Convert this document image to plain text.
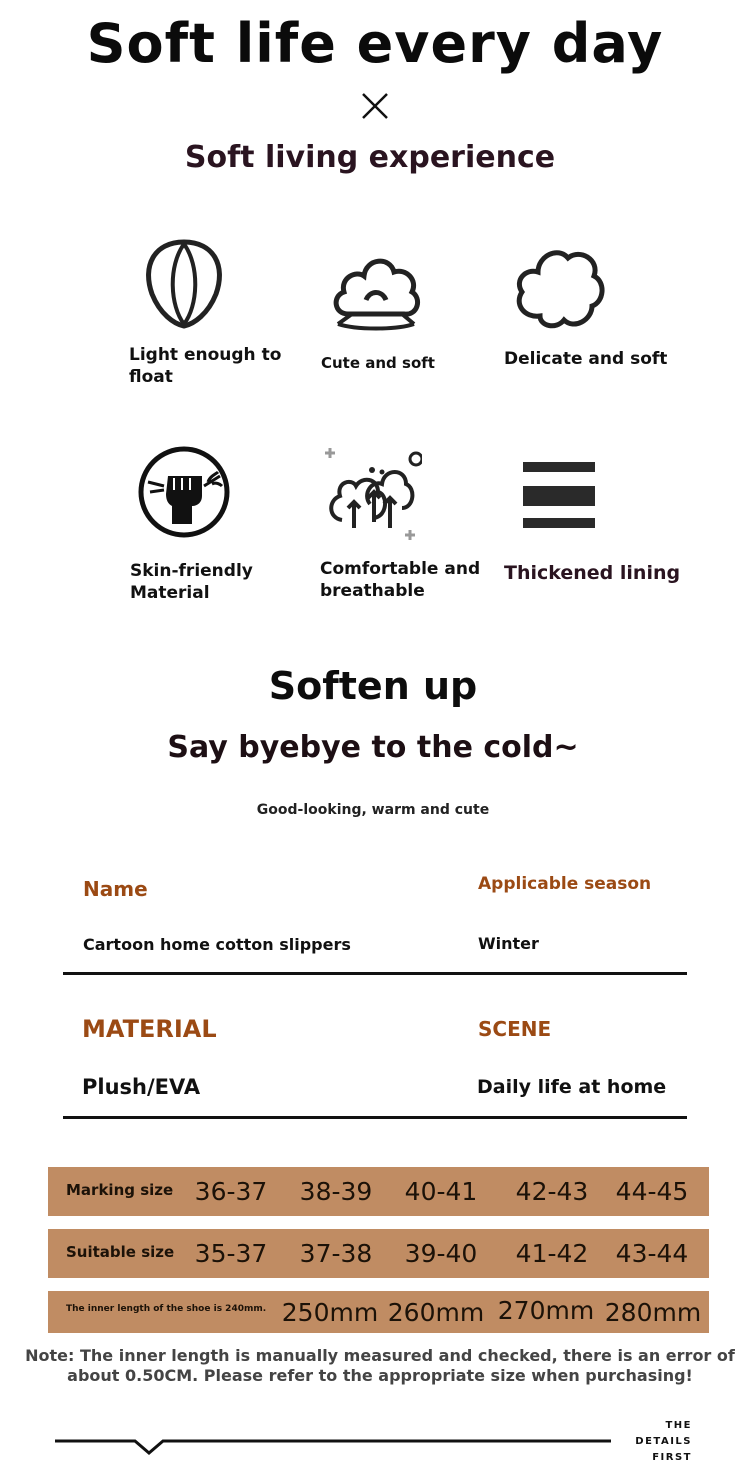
Soft life every day
Soft living experience
Light enough to float
Cute and soft	Delicate and soft
Skin-friendly Material
Comfortable and breathable
Thickened lining
Soften up
Say byebye to the cold~
Good-looking, warm and cute
Name	Applicable season
Cartoon home cotton slippers	Winter
MATERIAL	SCENE
Plush/EVA	Daily life at home
Marking size 36-37	38-39	40-41	42-43	44-45
Suitable size 35-37	37-38	39-40	41-42	43-44
The inner length of the shoe is 240mm. 250mm 260mm 270mm 280mm
Note: The inner length is manually measured and checked, there is an error of about 0.50CM. Please refer to the appropriate size when purchasing!
THE
DETAILS
FIRST
